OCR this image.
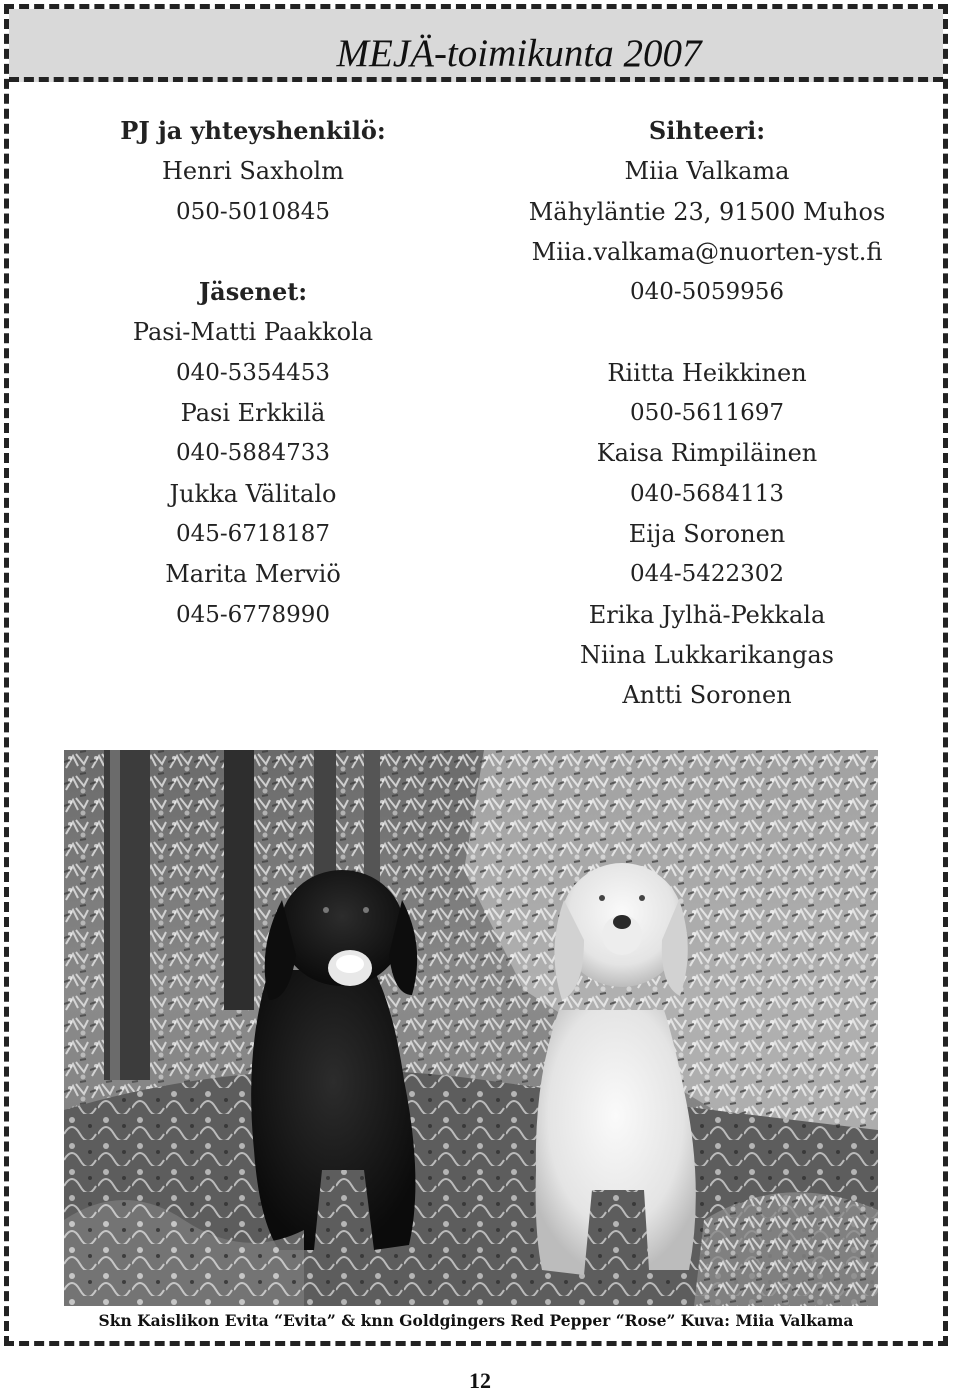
MEJÄ-toimikunta 2007
PJ ja yhteyshenkilö:
Henri Saxholm
050-5010845
Jäsenet:
Pasi-Matti Paakkola
040-5354453
Pasi Erkkilä
040-5884733
Jukka Välitalo
045-6718187
Marita Merviö
045-6778990
Sihteeri:
Miia Valkama
Mähyläntie 23, 91500 Muhos
Miia.valkama@nuorten-yst.fi
040-5059956
Riitta Heikkinen
050-5611697
Kaisa Rimpiläinen
040-5684113
Eija Soronen
044-5422302
Erika Jylhä-Pekkala
Niina Lukkarikangas
Antti Soronen
Skn Kaislikon Evita “Evita” & knn Goldgingers Red Pepper “Rose” Kuva: Miia Valkama
12
